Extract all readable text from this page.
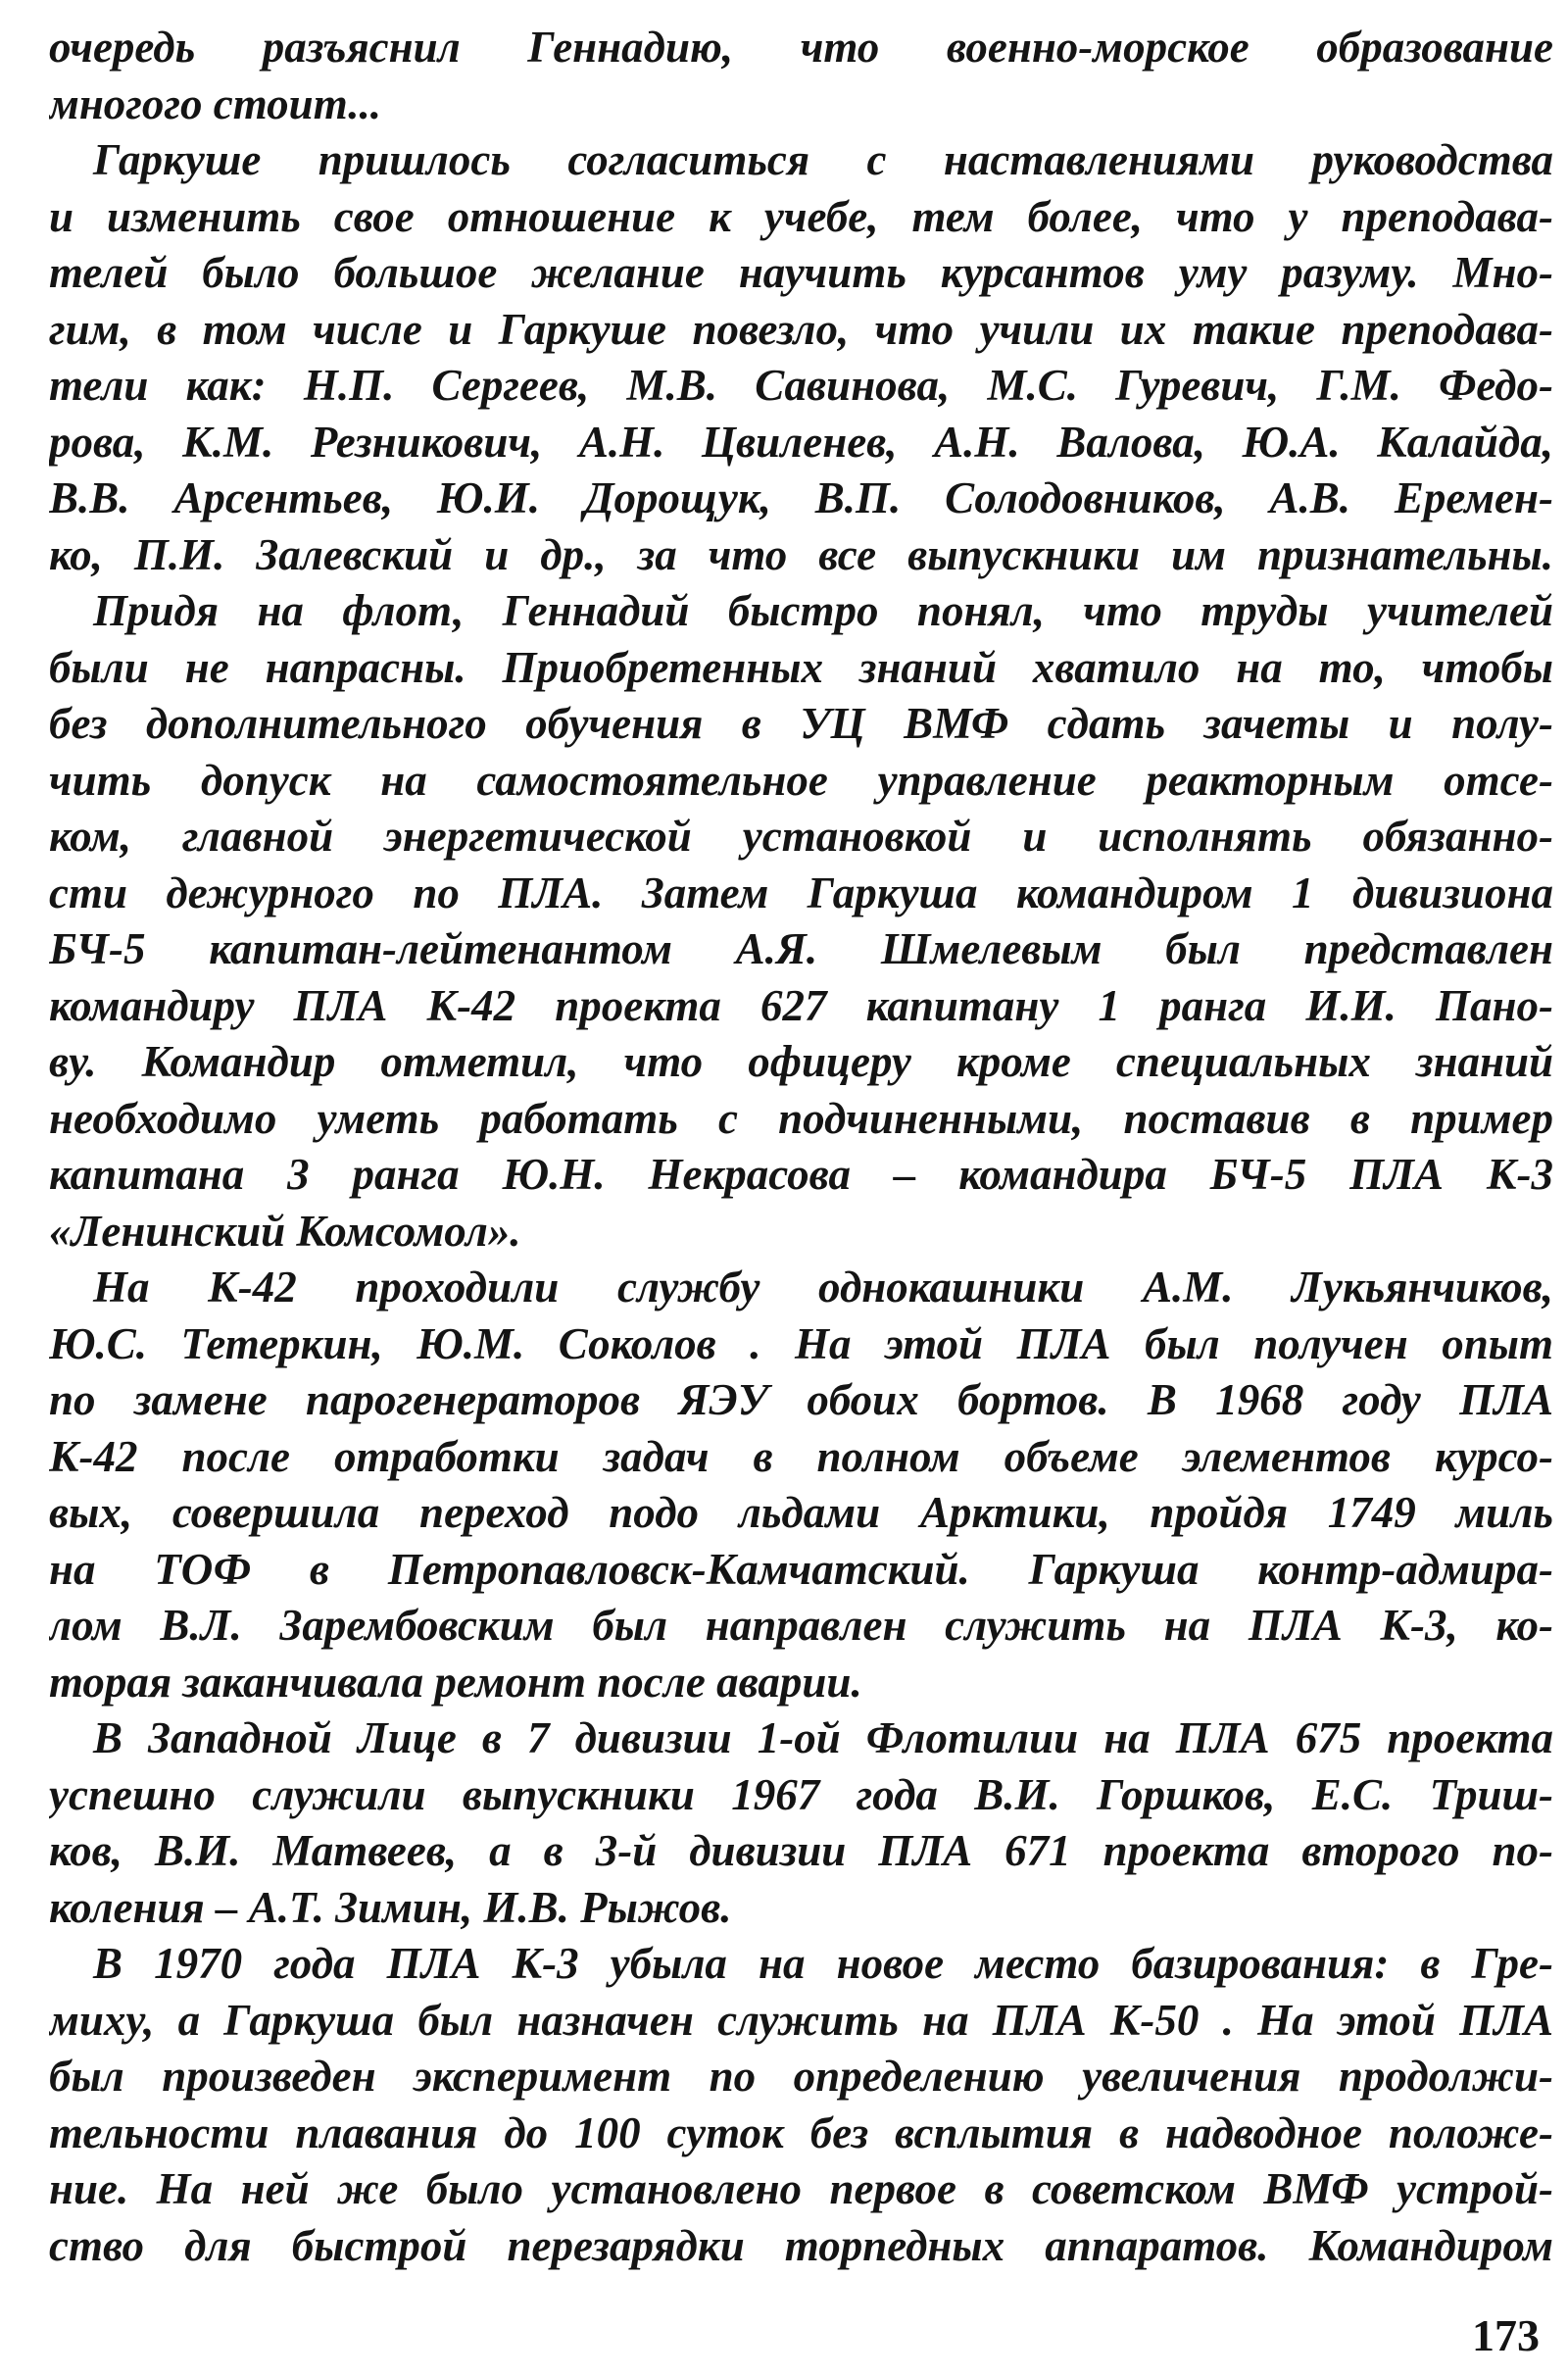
очередь разъяснил Геннадию, что военно-морское образование
многого стоит...
Гаркуше пришлось согласиться с наставлениями руководства
и изменить свое отношение к учебе, тем более, что у преподава-
телей было большое желание научить курсантов уму разуму. Мно-
гим, в том числе и Гаркуше повезло, что учили их такие преподава-
тели как: Н.П. Сергеев, М.В. Савинова, М.С. Гуревич, Г.М. Федо-
рова, К.М. Резникович, А.Н. Цвиленев, А.Н. Валова, Ю.А. Калайда,
В.В. Арсентьев, Ю.И. Дорощук, В.П. Солодовников, А.В. Еремен-
ко, П.И. Залевский и др., за что все выпускники им признательны.
Придя на флот, Геннадий быстро понял, что труды учителей
были не напрасны. Приобретенных знаний хватило на то, чтобы
без дополнительного обучения в УЦ ВМФ сдать зачеты и полу-
чить допуск на самостоятельное управление реакторным отсе-
ком, главной энергетической установкой и исполнять обязанно-
сти дежурного по ПЛА. Затем Гаркуша командиром 1 дивизиона
БЧ-5 капитан-лейтенантом А.Я. Шмелевым был представлен
командиру ПЛА К-42 проекта 627 капитану 1 ранга И.И. Пано-
ву. Командир отметил, что офицеру кроме специальных знаний
необходимо уметь работать с подчиненными, поставив в пример
капитана 3 ранга Ю.Н. Некрасова – командира БЧ-5 ПЛА К-3
«Ленинский Комсомол».
На К-42 проходили службу однокашники А.М. Лукьянчиков,
Ю.С. Тетеркин, Ю.М. Соколов . На этой ПЛА был получен опыт
по замене парогенераторов ЯЭУ обоих бортов. В 1968 году ПЛА
К-42 после отработки задач в полном объеме элементов курсо-
вых, совершила переход подо льдами Арктики, пройдя 1749 миль
на ТОФ в Петропавловск-Камчатский. Гаркуша контр-адмира-
лом В.Л. Зарембовским был направлен служить на ПЛА К-3, ко-
торая заканчивала ремонт после аварии.
В Западной Лице в 7 дивизии 1-ой Флотилии на ПЛА 675 проекта
успешно служили выпускники 1967 года В.И. Горшков, Е.С. Триш-
ков, В.И. Матвеев, а в 3-й дивизии ПЛА 671 проекта второго по-
коления – А.Т. Зимин, И.В. Рыжов.
В 1970 года ПЛА К-3 убыла на новое место базирования: в Гре-
миху, а Гаркуша был назначен служить на ПЛА К-50 . На этой ПЛА
был произведен эксперимент по определению увеличения продолжи-
тельности плавания до 100 суток без всплытия в надводное положе-
ние. На ней же было установлено первое в советском ВМФ устрой-
ство для быстрой перезарядки торпедных аппаратов. Командиром
173
